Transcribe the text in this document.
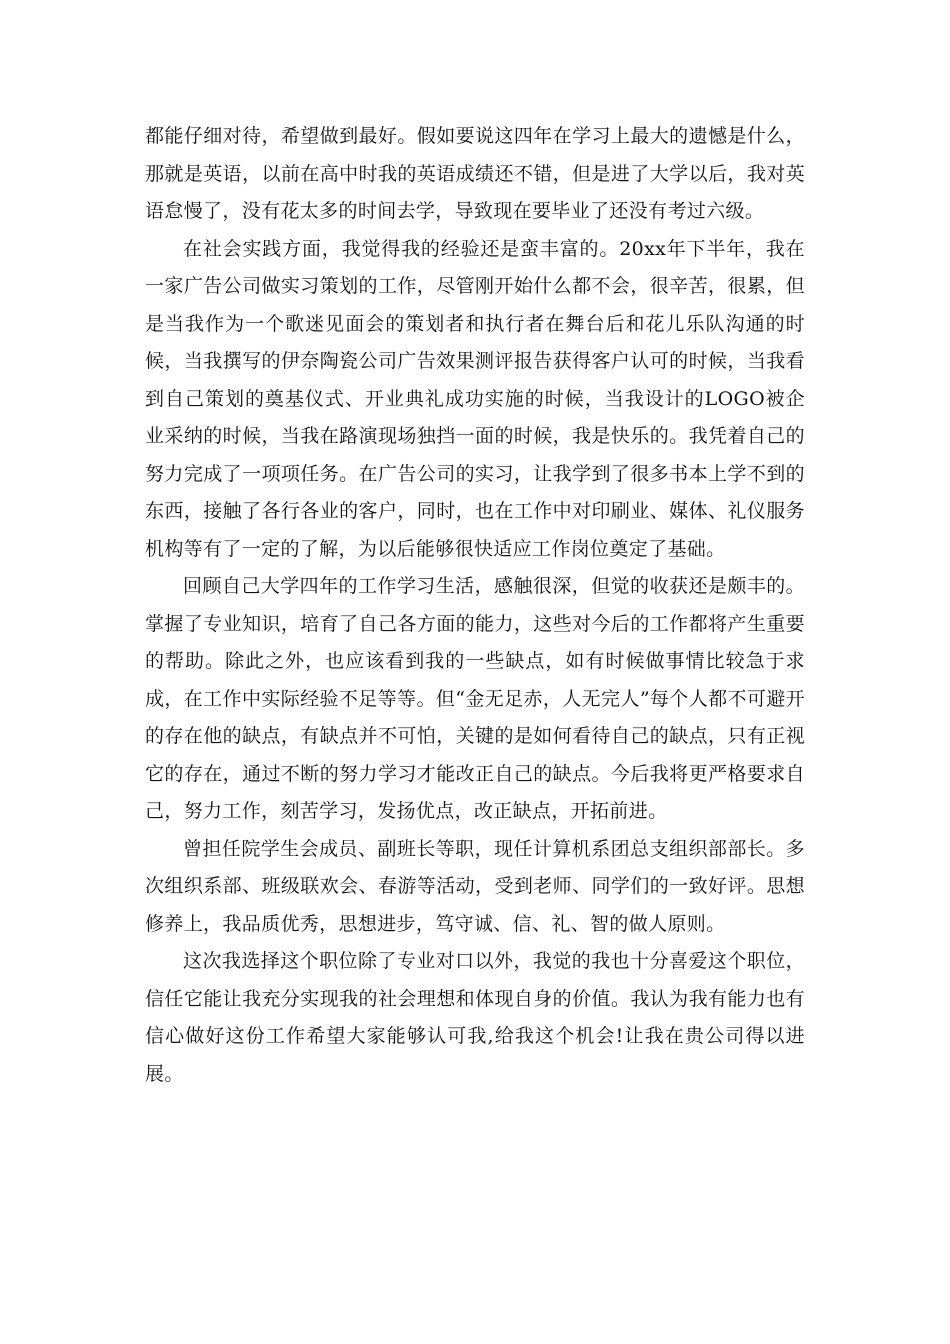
都能仔细对待，希望做到最好。假如要说这四年在学习上最大的遗憾是什么，那就是英语，以前在高中时我的英语成绩还不错，但是进了大学以后，我对英语怠慢了，没有花太多的时间去学，导致现在要毕业了还没有考过六级。

在社会实践方面，我觉得我的经验还是蛮丰富的。20xx年下半年，我在一家广告公司做实习策划的工作，尽管刚开始什么都不会，很辛苦，很累，但是当我作为一个歌迷见面会的策划者和执行者在舞台后和花儿乐队沟通的时候，当我撰写的伊奈陶瓷公司广告效果测评报告获得客户认可的时候，当我看到自己策划的奠基仪式、开业典礼成功实施的时候，当我设计的LOGO被企业采纳的时候，当我在路演现场独挡一面的时候，我是快乐的。我凭着自己的努力完成了一项项任务。在广告公司的实习，让我学到了很多书本上学不到的东西，接触了各行各业的客户，同时，也在工作中对印刷业、媒体、礼仪服务机构等有了一定的了解，为以后能够很快适应工作岗位奠定了基础。

回顾自己大学四年的工作学习生活，感触很深，但觉的收获还是颇丰的。掌握了专业知识，培育了自己各方面的能力，这些对今后的工作都将产生重要的帮助。除此之外，也应该看到我的一些缺点，如有时候做事情比较急于求成，在工作中实际经验不足等等。但“金无足赤，人无完人”每个人都不可避开的存在他的缺点，有缺点并不可怕，关键的是如何看待自己的缺点，只有正视它的存在，通过不断的努力学习才能改正自己的缺点。今后我将更严格要求自己，努力工作，刻苦学习，发扬优点，改正缺点，开拓前进。

曾担任院学生会成员、副班长等职，现任计算机系团总支组织部部长。多次组织系部、班级联欢会、春游等活动，受到老师、同学们的一致好评。思想修养上，我品质优秀，思想进步，笃守诚、信、礼、智的做人原则。

这次我选择这个职位除了专业对口以外，我觉的我也十分喜爱这个职位，信任它能让我充分实现我的社会理想和体现自身的价值。我认为我有能力也有信心做好这份工作希望大家能够认可我,给我这个机会!让我在贵公司得以进展。
